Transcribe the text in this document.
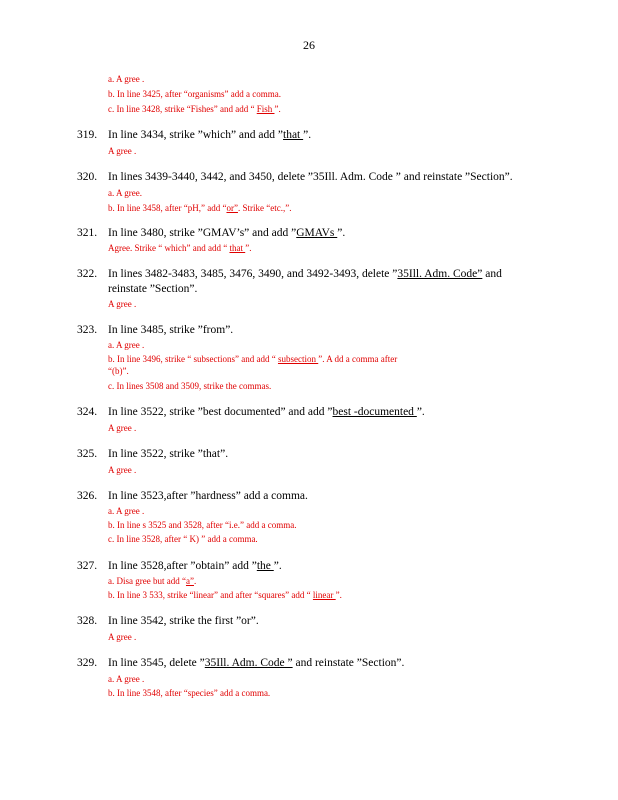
26
a. A gree .
b. In line 3425, after “organisms” add a comma.
c. In line 3428, strike “Fishes” and add “ Fish ”.
319. In line 3434, strike ”which” and add ”that ”.
A gree .
320. In lines 3439-3440, 3442, and 3450, delete ”35Ill. Adm. Code ” and reinstate ”Section”.
a. A gree.
b. In line 3458, after “pH,” add “or”. Strike “etc.,”.
321. In line 3480, strike ”GMAV’s” and add ”GMAVs ”.
Agree. Strike “ which” and add “ that ”.
322. In lines 3482-3483, 3485, 3476, 3490, and 3492-3493, delete ”35Ill. Adm. Code” and
reinstate ”Section”.
A gree .
323. In line 3485, strike ”from”.
a. A gree .
b. In line 3496, strike “ subsections” and add “ subsection ”. A dd a comma after
“(b)”.
c. In lines 3508 and 3509, strike the commas.
324. In line 3522, strike ”best documented” and add ”best -documented ”.
A gree .
325. In line 3522, strike ”that”.
A gree .
326. In line 3523,after ”hardness” add a comma.
a. A gree .
b. In line s 3525 and 3528, after “i.e.” add a comma.
c. In line 3528, after “ K) ” add a comma.
327. In line 3528,after ”obtain” add ”the ”.
a. Disa gree but add “a”.
b. In line 3 533, strike “linear” and after “squares” add “ linear ”.
328. In line 3542, strike the first ”or”.
A gree .
329. In line 3545, delete ”35Ill. Adm. Code ” and reinstate ”Section”.
a. A gree .
b. In line 3548, after “species” add a comma.
